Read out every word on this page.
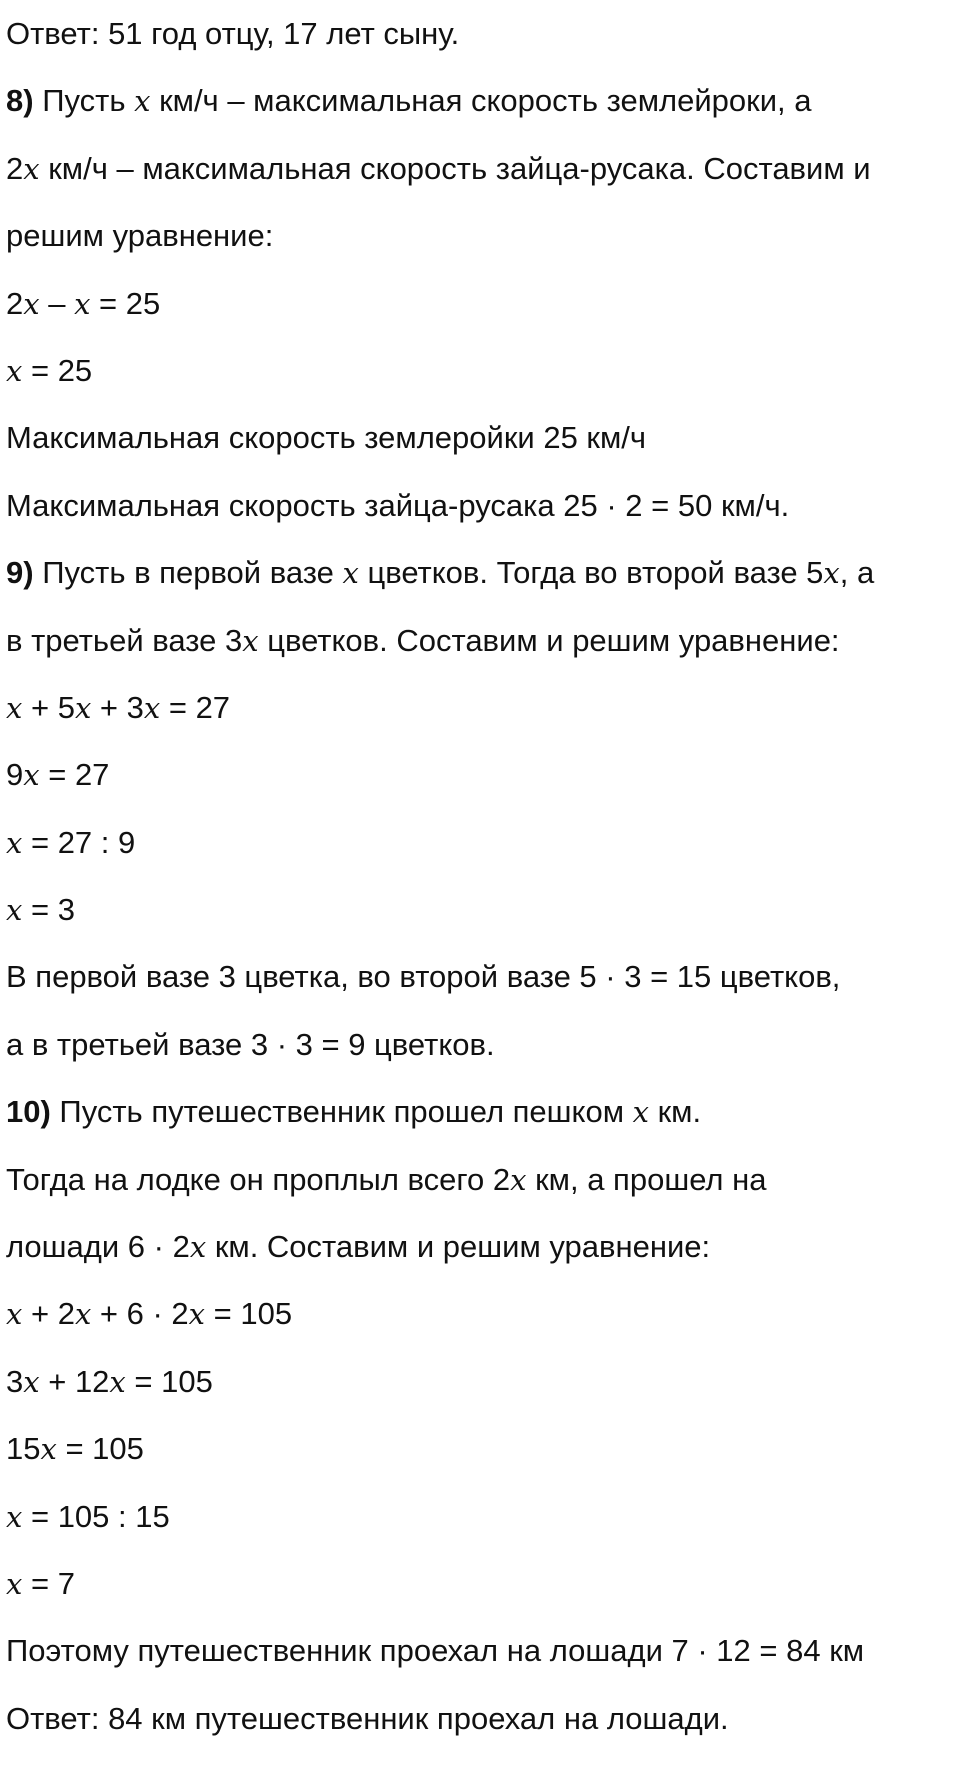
Ответ: 51 год отцу, 17 лет сыну.
8) Пусть x км/ч – максимальная скорость землейроки, а
2x км/ч – максимальная скорость зайца-русака. Составим и
решим уравнение:
2x – x = 25
x = 25
Максимальная скорость землеройки 25 км/ч
Максимальная скорость зайца-русака 25 · 2 = 50 км/ч.
9) Пусть в первой вазе x цветков. Тогда во второй вазе 5x, а
в третьей вазе 3x цветков. Составим и решим уравнение:
x + 5x + 3x = 27
9x = 27
x = 27 : 9
x = 3
В первой вазе 3 цветка, во второй вазе 5 · 3 = 15 цветков,
а в третьей вазе 3 · 3 = 9 цветков.
10) Пусть путешественник прошел пешком x км.
Тогда на лодке он проплыл всего 2x км, а прошел на
лошади 6 · 2x км. Составим и решим уравнение:
x + 2x + 6 · 2x = 105
3x + 12x = 105
15x = 105
x = 105 : 15
x = 7
Поэтому путешественник проехал на лошади 7 · 12 = 84 км
Ответ: 84 км путешественник проехал на лошади.
